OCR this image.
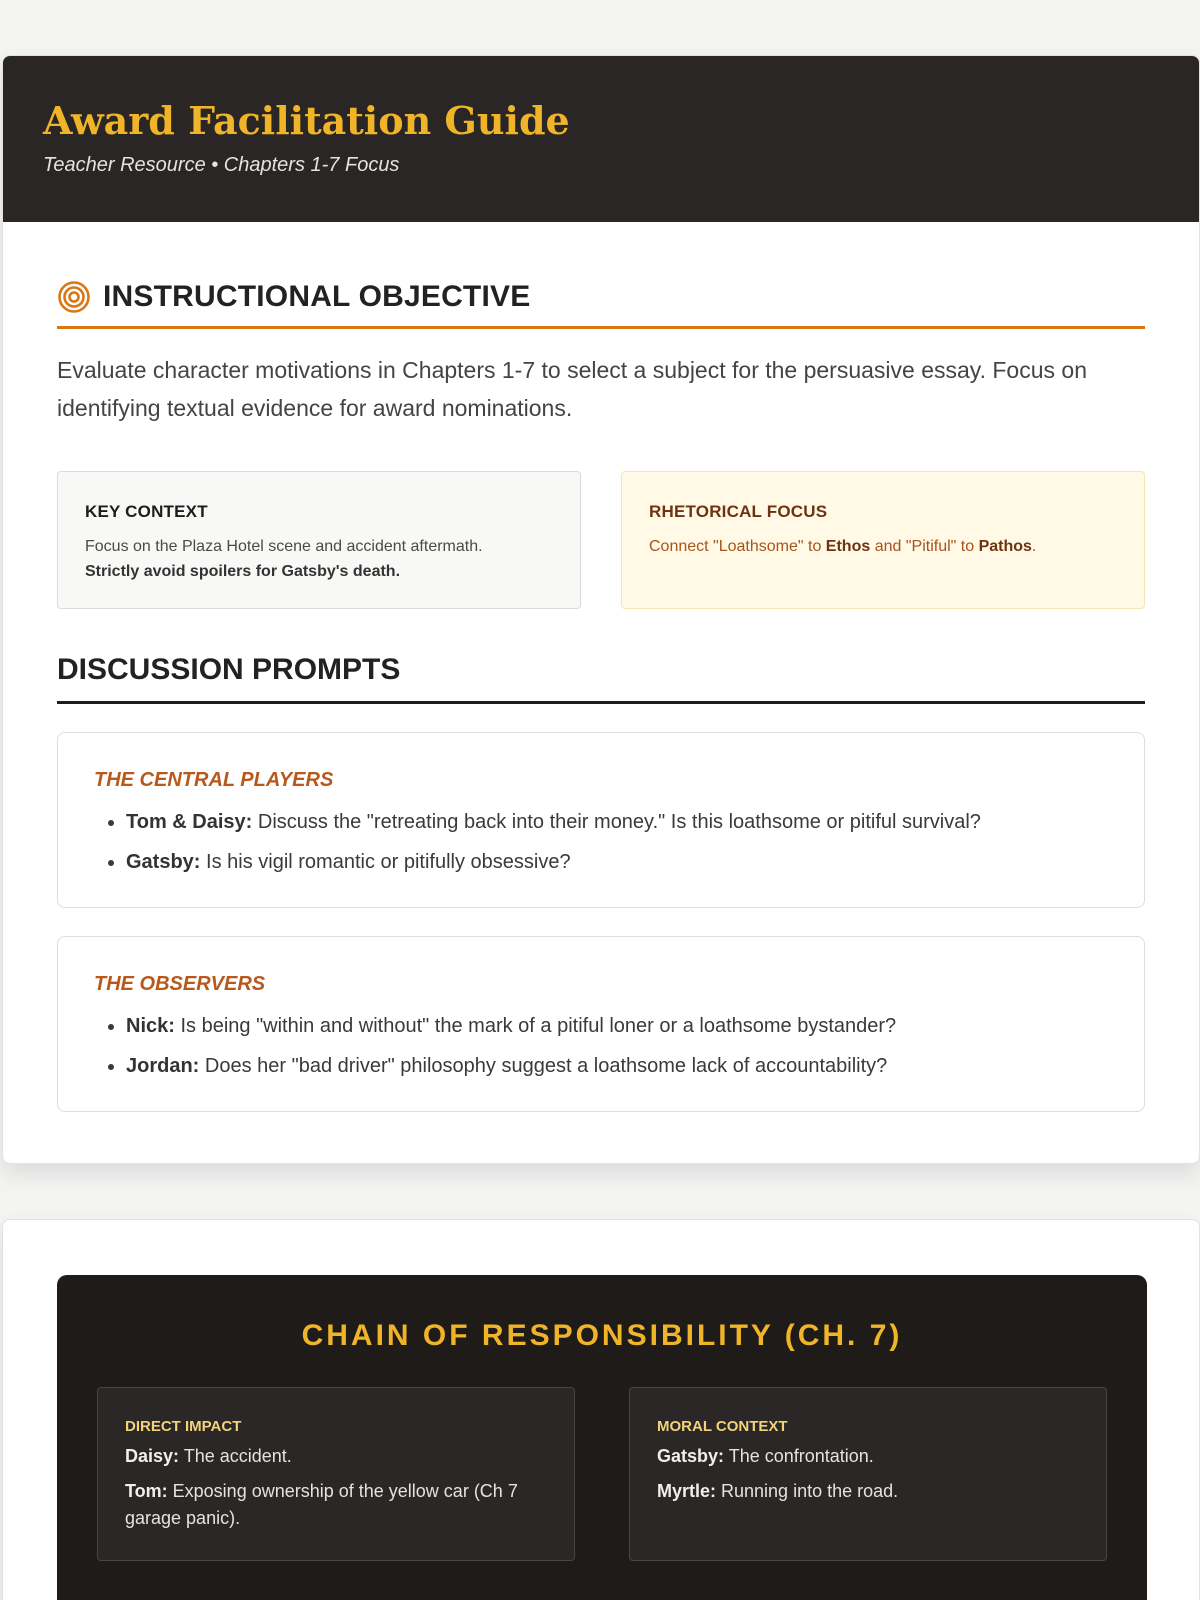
Award Facilitation Guide
Teacher Resource • Chapters 1-7 Focus
INSTRUCTIONAL OBJECTIVE

Evaluate character motivations in Chapters 1-7 to select a subject for the persuasive essay. Focus on identifying textual evidence for award nominations.

KEY CONTEXT
Focus on the Plaza Hotel scene and accident aftermath.
Strictly avoid spoilers for Gatsby's death.
RHETORICAL FOCUS
Connect "Loathsome" to Ethos and "Pitiful" to Pathos.
DISCUSSION PROMPTS
THE CENTRAL PLAYERS
• Tom & Daisy: Discuss the "retreating back into their money." Is this loathsome or pitiful survival?
• Gatsby: Is his vigil romantic or pitifully obsessive?
THE OBSERVERS
• Nick: Is being "within and without" the mark of a pitiful loner or a loathsome bystander?
• Jordan: Does her "bad driver" philosophy suggest a loathsome lack of accountability?
CHAIN OF RESPONSIBILITY (CH. 7)
DIRECT IMPACT
Daisy: The accident.
Tom: Exposing ownership of the yellow car (Ch 7 garage panic).
MORAL CONTEXT
Gatsby: The confrontation.
Myrtle: Running into the road.
